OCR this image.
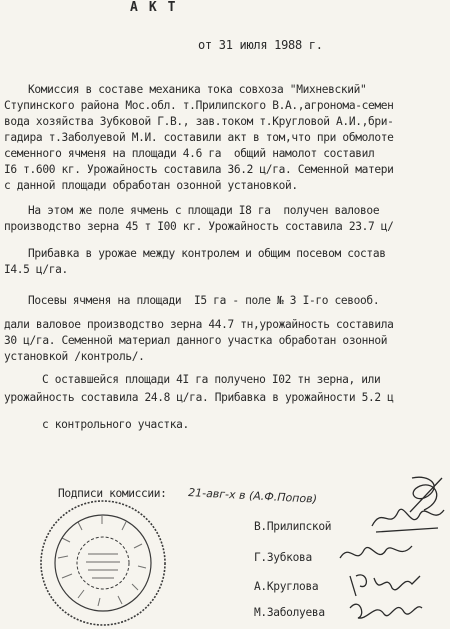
АКТ
от 31 июля 1988 г.
Комиссия в составе механика тока совхоза "Михневский"
Ступинского района Мос.обл. т.Прилипского В.А.,агронома-семен
вода хозяйства Зубковой Г.В., зав.током т.Кругловой А.И.,бри-
гадира т.Заболуевой М.И. составили акт в том,что при обмолоте
семенного ячменя на площади 4.6 га  общий намолот составил
I6 т.600 кг. Урожайность составила 36.2 ц/га. Семенной матери
с данной площади обработан озонной установкой.
На этом же поле ячмень с площади I8 га  получен валовое
производство зерна 45 т I00 кг. Урожайность составила 23.7 ц/
Прибавка в урожае между контролем и общим посевом состав
I4.5 ц/га.
Посевы ячменя на площади  I5 га - поле № 3 I-го севооб.
дали валовое производство зерна 44.7 тн,урожайность составила
30 ц/га. Семенной материал данного участка обработан озонной
установкой /контроль/.
С оставшейся площади 4I га получено I02 тн зерна, или
урожайность составила 24.8 ц/га. Прибавка в урожайности 5.2 ц
с контрольного участка.
Подписи комиссии:
В.Прилипской
Г.Зубкова
А.Круглова
М.Заболуева
21-авг-х в (А.Ф.Попов)
